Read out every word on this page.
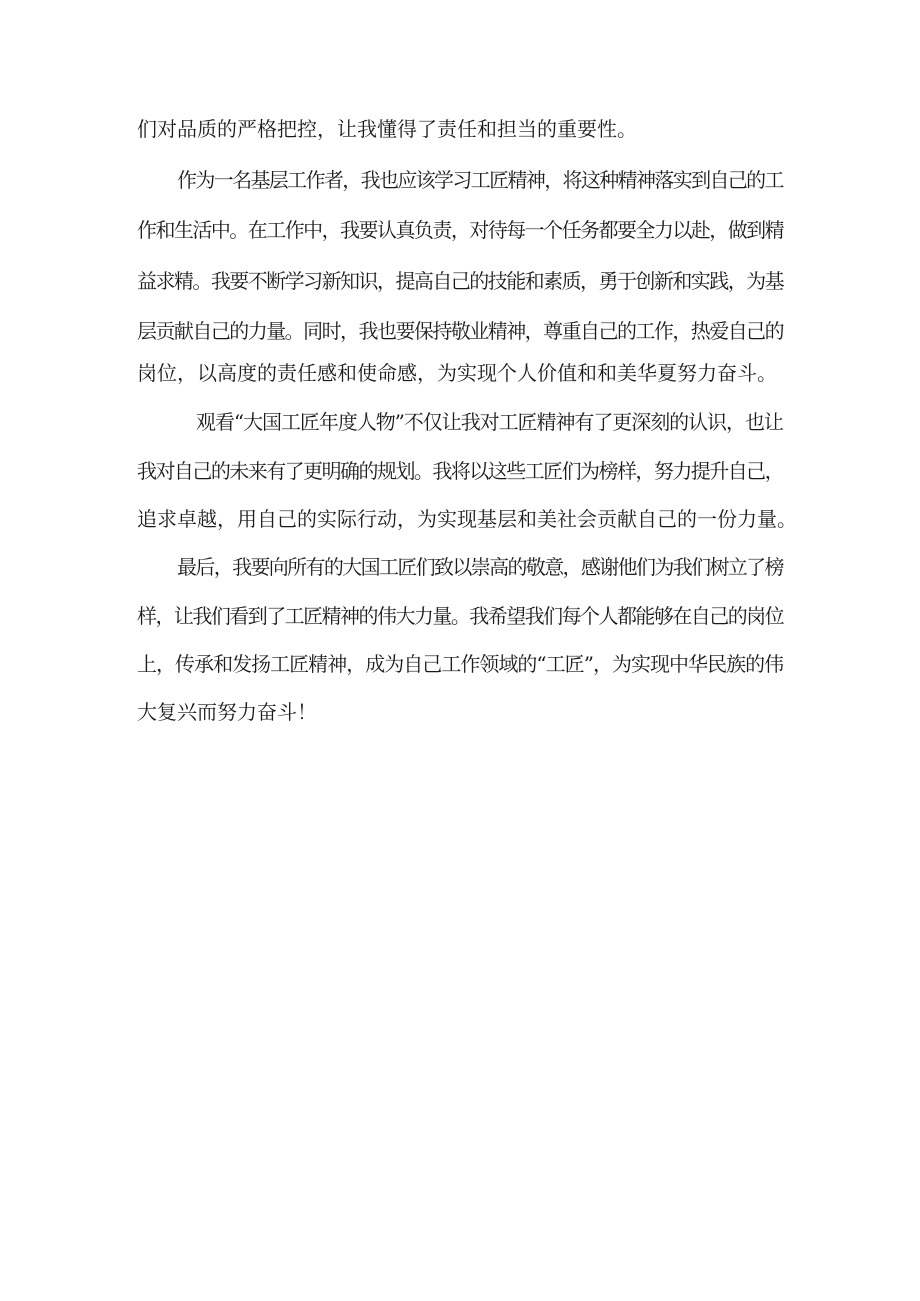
们对品质的严格把控，让我懂得了责任和担当的重要性。
作为一名基层工作者，我也应该学习工匠精神，将这种精神落实到自己的工
作和生活中。在工作中，我要认真负责，对待每一个任务都要全力以赴，做到精
益求精。我要不断学习新知识，提高自己的技能和素质，勇于创新和实践，为基
层贡献自己的力量。同时，我也要保持敬业精神，尊重自己的工作，热爱自己的
岗位，以高度的责任感和使命感，为实现个人价值和和美华夏努力奋斗。
观看“大国工匠年度人物”不仅让我对工匠精神有了更深刻的认识，也让
我对自己的未来有了更明确的规划。我将以这些工匠们为榜样，努力提升自己，
追求卓越，用自己的实际行动，为实现基层和美社会贡献自己的一份力量。
最后，我要向所有的大国工匠们致以崇高的敬意，感谢他们为我们树立了榜
样，让我们看到了工匠精神的伟大力量。我希望我们每个人都能够在自己的岗位
上，传承和发扬工匠精神，成为自己工作领域的“工匠”，为实现中华民族的伟
大复兴而努力奋斗！
